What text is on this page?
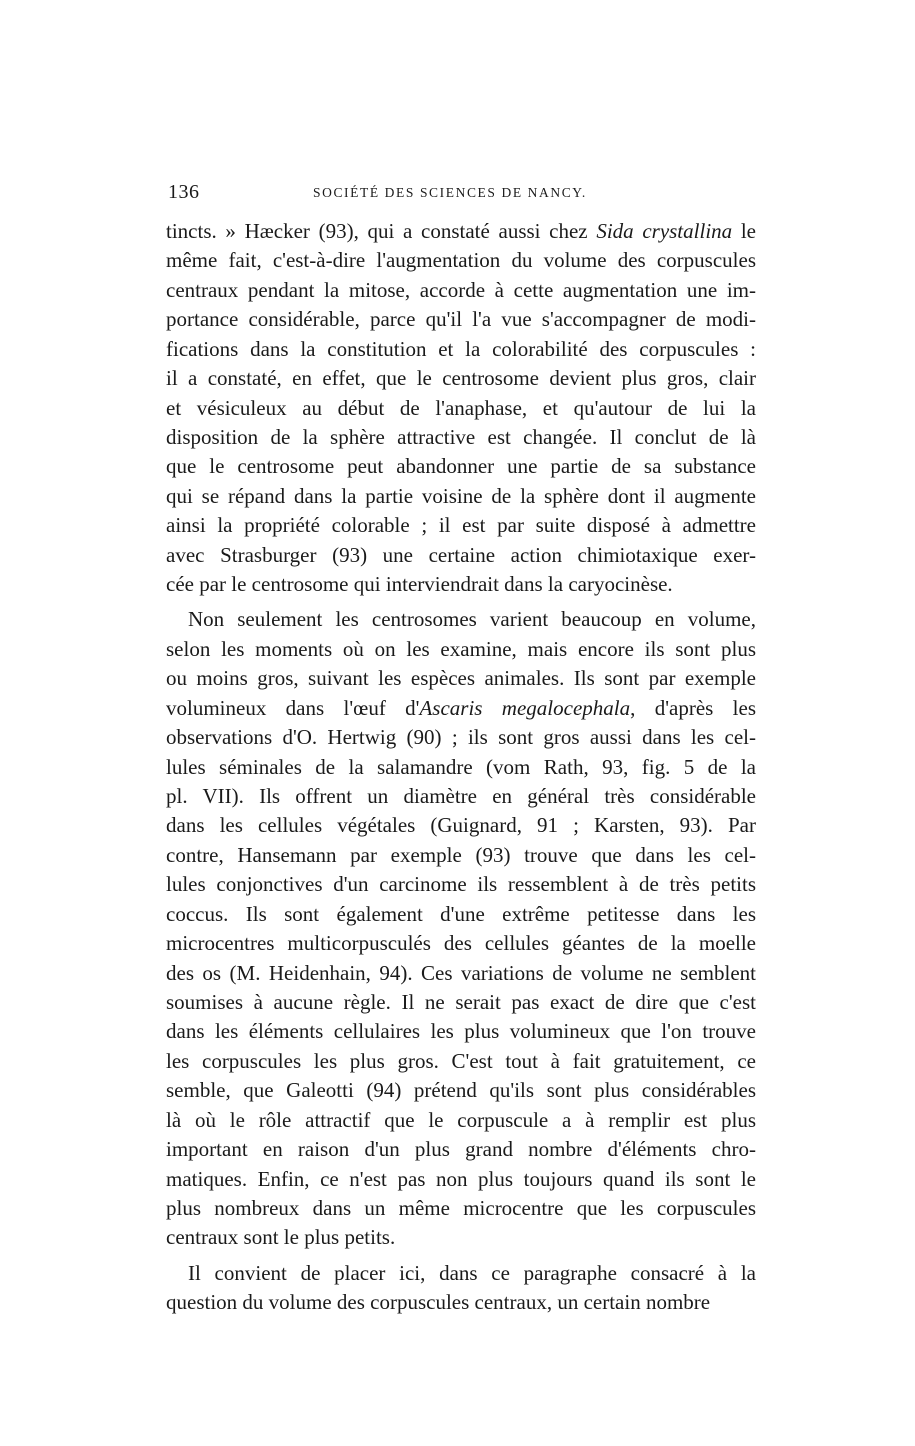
136	SOCIÉTÉ DES SCIENCES DE NANCY.
tincts. » Hæcker (93), qui a constaté aussi chez Sida crystallina le
même fait, c'est-à-dire l'augmentation du volume des corpuscules
centraux pendant la mitose, accorde à cette augmentation une im-
portance considérable, parce qu'il l'a vue s'accompagner de modi-
fications dans la constitution et la colorabilité des corpuscules :
il a constaté, en effet, que le centrosome devient plus gros, clair
et vésiculeux au début de l'anaphase, et qu'autour de lui la
disposition de la sphère attractive est changée. Il conclut de là
que le centrosome peut abandonner une partie de sa substance
qui se répand dans la partie voisine de la sphère dont il augmente
ainsi la propriété colorable ; il est par suite disposé à admettre
avec Strasburger (93) une certaine action chimiotaxique exer-
cée par le centrosome qui interviendrait dans la caryocinèse.
Non seulement les centrosomes varient beaucoup en volume,
selon les moments où on les examine, mais encore ils sont plus
ou moins gros, suivant les espèces animales. Ils sont par exemple
volumineux dans l'œuf d'Ascaris megalocephala, d'après les
observations d'O. Hertwig (90) ; ils sont gros aussi dans les cel-
lules séminales de la salamandre (vom Rath, 93, fig. 5 de la
pl. VII). Ils offrent un diamètre en général très considérable
dans les cellules végétales (Guignard, 91 ; Karsten, 93). Par
contre, Hansemann par exemple (93) trouve que dans les cel-
lules conjonctives d'un carcinome ils ressemblent à de très petits
coccus. Ils sont également d'une extrême petitesse dans les
microcentres multicorpusculés des cellules géantes de la moelle
des os (M. Heidenhain, 94). Ces variations de volume ne semblent
soumises à aucune règle. Il ne serait pas exact de dire que c'est
dans les éléments cellulaires les plus volumineux que l'on trouve
les corpuscules les plus gros. C'est tout à fait gratuitement, ce
semble, que Galeotti (94) prétend qu'ils sont plus considérables
là où le rôle attractif que le corpuscule a à remplir est plus
important en raison d'un plus grand nombre d'éléments chro-
matiques. Enfin, ce n'est pas non plus toujours quand ils sont le
plus nombreux dans un même microcentre que les corpuscules
centraux sont le plus petits.
Il convient de placer ici, dans ce paragraphe consacré à la
question du volume des corpuscules centraux, un certain nombre
